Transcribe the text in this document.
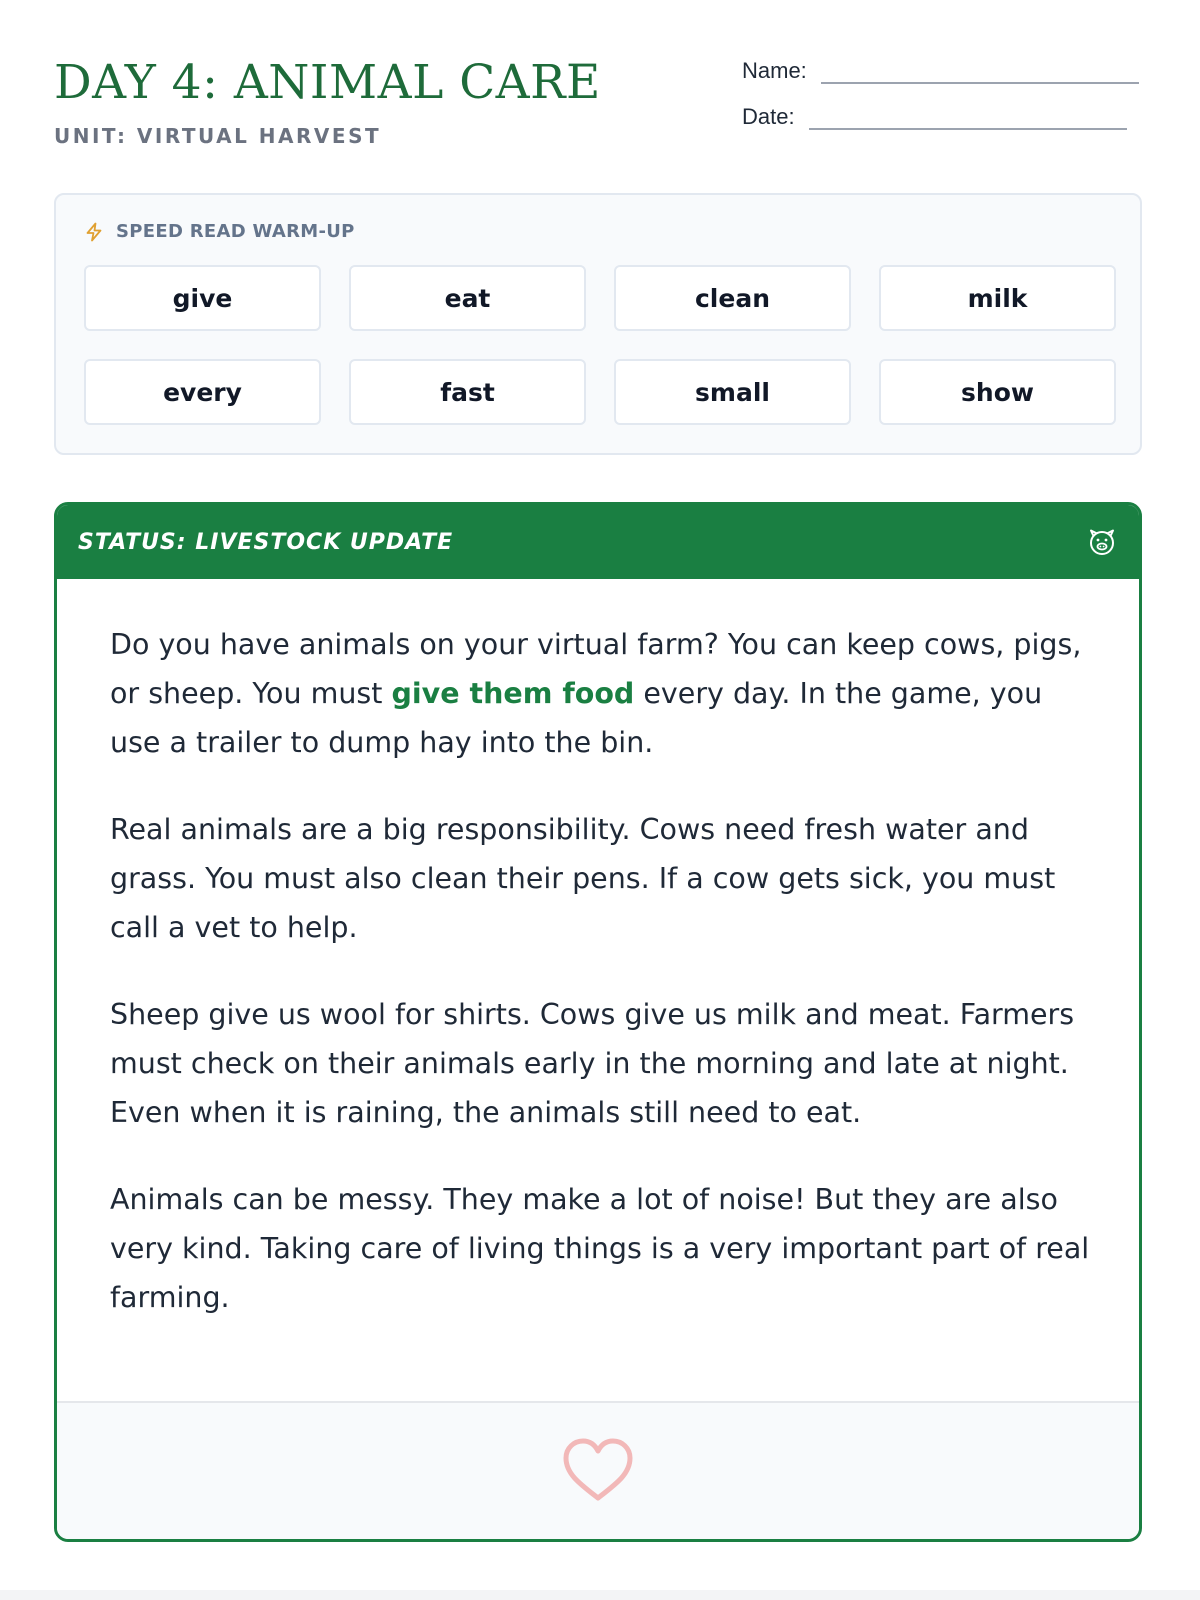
DAY 4: ANIMAL CARE
UNIT: VIRTUAL HARVEST
Name:
Date:
SPEED READ WARM-UP
give	eat	clean	milk
every	fast	small	show
STATUS: LIVESTOCK UPDATE

Do you have animals on your virtual farm? You can keep cows, pigs, or sheep. You must give them food every day. In the game, you use a trailer to dump hay into the bin.

Real animals are a big responsibility. Cows need fresh water and grass. You must also clean their pens. If a cow gets sick, you must call a vet to help.

Sheep give us wool for shirts. Cows give us milk and meat. Farmers must check on their animals early in the morning and late at night. Even when it is raining, the animals still need to eat.

Animals can be messy. They make a lot of noise! But they are also very kind. Taking care of living things is a very important part of real farming.
